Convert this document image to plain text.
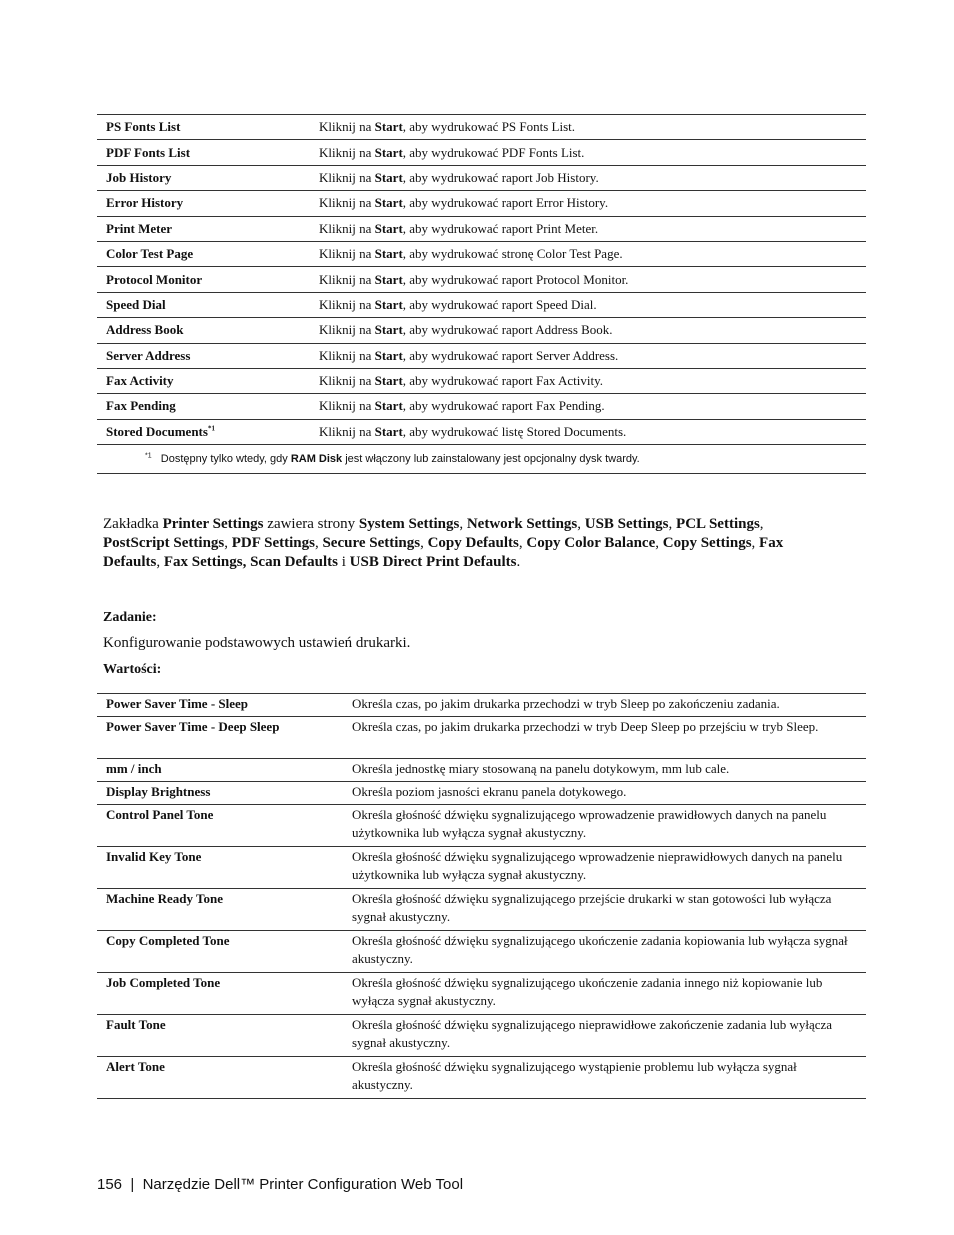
PS Fonts List	Kliknij na Start, aby wydrukować PS Fonts List.
PDF Fonts List	Kliknij na Start, aby wydrukować PDF Fonts List.
Job History	Kliknij na Start, aby wydrukować raport Job History.
Error History	Kliknij na Start, aby wydrukować raport Error History.
Print Meter	Kliknij na Start, aby wydrukować raport Print Meter.
Color Test Page	Kliknij na Start, aby wydrukować stronę Color Test Page.
Protocol Monitor	Kliknij na Start, aby wydrukować raport Protocol Monitor.
Speed Dial	Kliknij na Start, aby wydrukować raport Speed Dial.
Address Book	Kliknij na Start, aby wydrukować raport Address Book.
Server Address	Kliknij na Start, aby wydrukować raport Server Address.
Fax Activity	Kliknij na Start, aby wydrukować raport Fax Activity.
Fax Pending	Kliknij na Start, aby wydrukować raport Fax Pending.
Stored Documents$^{*1}$	Kliknij na Start, aby wydrukować listę Stored Documents.
$^{*1}$ Dostępny tylko wtedy, gdy RAM Disk jest włączony lub zainstalowany jest opcjonalny dysk twardy.	
Zakładka Printer Settings zawiera strony System Settings, Network Settings, USB Settings, PCL Settings, PostScript Settings, PDF Settings, Secure Settings, Copy Defaults, Copy Color Balance, Copy Settings, Fax Defaults, Fax Settings, Scan Defaults i USB Direct Print Defaults.
Zadanie:
Konfigurowanie podstawowych ustawień drukarki.
Wartości:
Power Saver Time - Sleep	Określa czas, po jakim drukarka przechodzi w tryb Sleep po zakończeniu zadania.
Power Saver Time - Deep Sleep	Określa czas, po jakim drukarka przechodzi w tryb Deep Sleep po przejściu w tryb Sleep.
mm / inch	Określa jednostkę miary stosowaną na panelu dotykowym, mm lub cale.
Display Brightness	Określa poziom jasności ekranu panela dotykowego.
Control Panel Tone	Określa głośność dźwięku sygnalizującego wprowadzenie prawidłowych danych na panelu użytkownika lub wyłącza sygnał akustyczny.
Invalid Key Tone	Określa głośność dźwięku sygnalizującego wprowadzenie nieprawidłowych danych na panelu użytkownika lub wyłącza sygnał akustyczny.
Machine Ready Tone	Określa głośność dźwięku sygnalizującego przejście drukarki w stan gotowości lub wyłącza sygnał akustyczny.
Copy Completed Tone	Określa głośność dźwięku sygnalizującego ukończenie zadania kopiowania lub wyłącza sygnał akustyczny.
Job Completed Tone	Określa głośność dźwięku sygnalizującego ukończenie zadania innego niż kopiowanie lub wyłącza sygnał akustyczny.
Fault Tone	Określa głośność dźwięku sygnalizującego nieprawidłowe zakończenie zadania lub wyłącza sygnał akustyczny.
Alert Tone	Określa głośność dźwięku sygnalizującego wystąpienie problemu lub wyłącza sygnał akustyczny.
156  |  Narzędzie Dell™ Printer Configuration Web Tool
